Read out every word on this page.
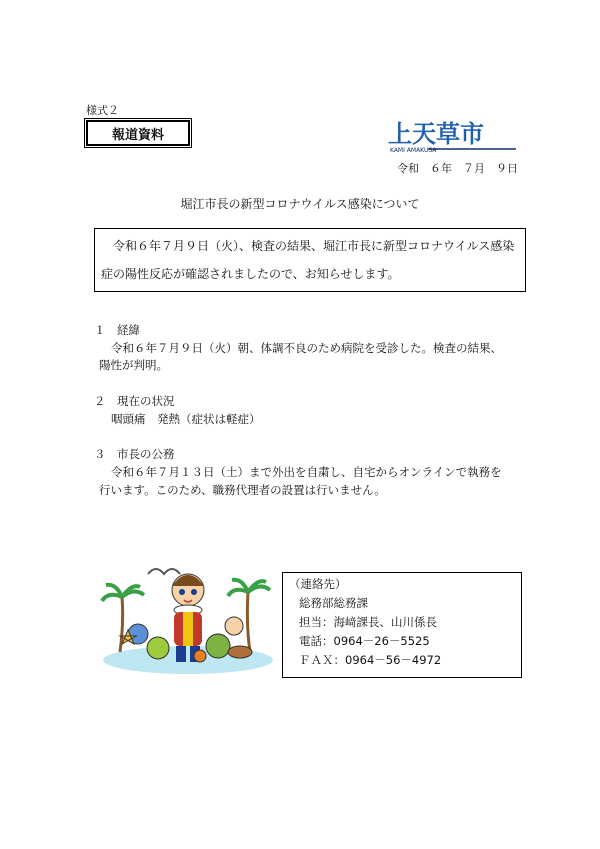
様式２
報道資料	上天草市
KAMI AMAKUSA
令和　６年　７月　９日
堀江市長の新型コロナウイルス感染について
令和６年７月９日（火）、検査の結果、堀江市長に新型コロナウイルス感染
症の陽性反応が確認されましたので、お知らせします。
１　経緯
令和６年７月９日（火）朝、体調不良のため病院を受診した。検査の結果、
陽性が判明。
２　現在の状況
咽頭痛　発熱（症状は軽症）
３　市長の公務
令和６年７月１３日（土）まで外出を自粛し、自宅からオンラインで執務を
行います。このため、職務代理者の設置は行いません。
（連絡先）
総務部総務課
担当：海﨑課長、山川係長
電話：0964－26－5525
ＦＡＸ：0964－56－4972
